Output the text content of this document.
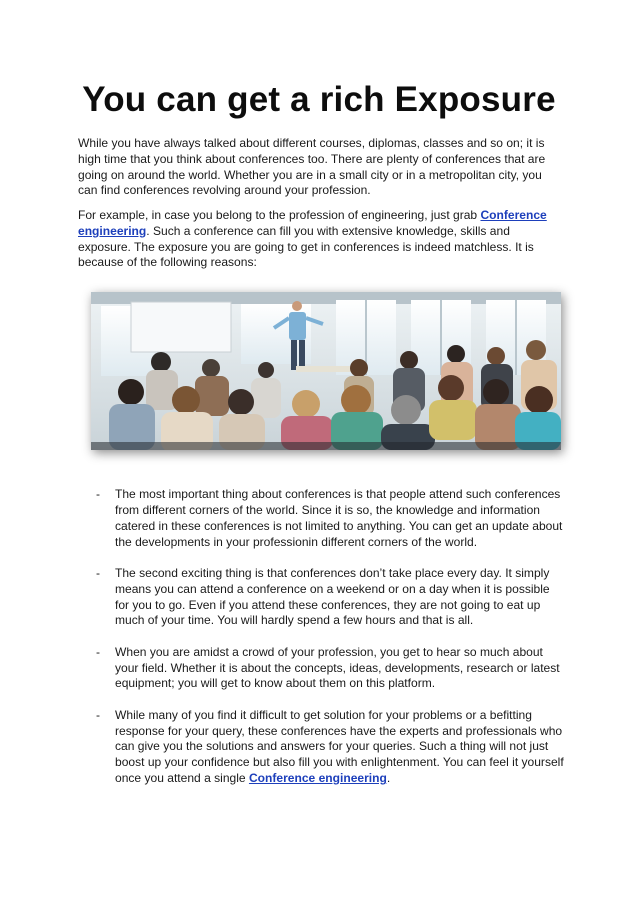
You can get a rich Exposure

While you have always talked about different courses, diplomas, classes and so on; it is high time that you think about conferences too. There are plenty of conferences that are going on around the world. Whether you are in a small city or in a metropolitan city, you can find conferences revolving around your profession.

For example, in case you belong to the profession of engineering, just grab Conference engineering. Such a conference can fill you with extensive knowledge, skills and exposure. The exposure you are going to get in conferences is indeed matchless. It is because of the following reasons:

- The most important thing about conferences is that people attend such conferences from different corners of the world. Since it is so, the knowledge and information catered in these conferences is not limited to anything. You can get an update about the developments in your professionin different corners of the world.
- The second exciting thing is that conferences don’t take place every day. It simply means you can attend a conference on a weekend or on a day when it is possible for you to go. Even if you attend these conferences, they are not going to eat up much of your time. You will hardly spend a few hours and that is all.
- When you are amidst a crowd of your profession, you get to hear so much about your field. Whether it is about the concepts, ideas, developments, research or latest equipment; you will get to know about them on this platform.
- While many of you find it difficult to get solution for your problems or a befitting response for your query, these conferences have the experts and professionals who can give you the solutions and answers for your queries. Such a thing will not just boost up your confidence but also fill you with enlightenment. You can feel it yourself once you attend a single Conference engineering.
